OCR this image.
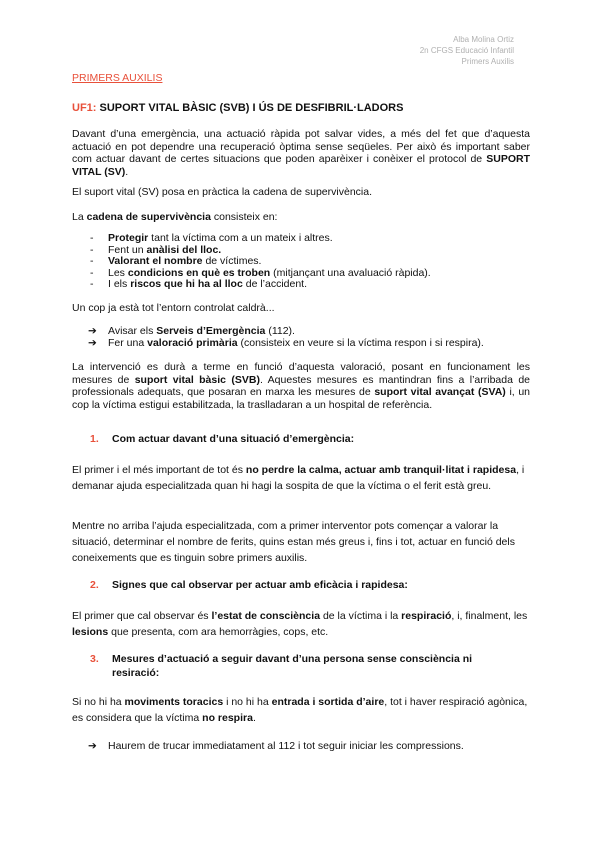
Alba Molina Ortiz
2n CFGS Educació Infantil
Primers Auxilis
PRIMERS AUXILIS
UF1: SUPORT VITAL BÀSIC (SVB) I ÚS DE DESFIBRIL·LADORS

Davant d’una emergència, una actuació ràpida pot salvar vides, a més del fet que d’aquesta actuació en pot dependre una recuperació òptima sense seqüeles. Per això és important saber com actuar davant de certes situacions que poden aparèixer i conèixer el protocol de SUPORT VITAL (SV).

El suport vital (SV) posa en pràctica la cadena de supervivència.

La cadena de supervivència consisteix en:

- Protegir tant la víctima com a un mateix i altres.
- Fent un anàlisi del lloc.
- Valorant el nombre de víctimes.
- Les condicions en què es troben (mitjançant una avaluació ràpida).
- I els riscos que hi ha al lloc de l’accident.

Un cop ja està tot l’entorn controlat caldrà...

➔ Avisar els Serveis d’Emergència (112).
➔ Fer una valoració primària (consisteix en veure si la víctima respon i si respira).

La intervenció es durà a terme en funció d’aquesta valoració, posant en funcionament les mesures de suport vital bàsic (SVB). Aquestes mesures es mantindran fins a l’arribada de professionals adequats, que posaran en marxa les mesures de suport vital avançat (SVA) i, un cop la víctima estigui estabilitzada, la traslladaran a un hospital de referència.

1.	Com actuar davant d’una situació d’emergència:

El primer i el més important de tot és no perdre la calma, actuar amb tranquil·litat i rapidesa, i demanar ajuda especialitzada quan hi hagi la sospita de que la víctima o el ferit està greu.

Mentre no arriba l’ajuda especialitzada, com a primer interventor pots començar a valorar la situació, determinar el nombre de ferits, quins estan més greus i, fins i tot, actuar en funció dels coneixements que es tinguin sobre primers auxilis.

2.	Signes que cal observar per actuar amb eficàcia i rapidesa:

El primer que cal observar és l’estat de consciència de la víctima i la respiració, i, finalment, les lesions que presenta, com ara hemorràgies, cops, etc.

3.	Mesures d’actuació a seguir davant d’una persona sense consciència ni resiració:

Si no hi ha moviments toracics i no hi ha entrada i sortida d’aire, tot i haver respiració agònica, es considera que la víctima no respira.

➔ Haurem de trucar immediatament al 112 i tot seguir iniciar les compressions.
